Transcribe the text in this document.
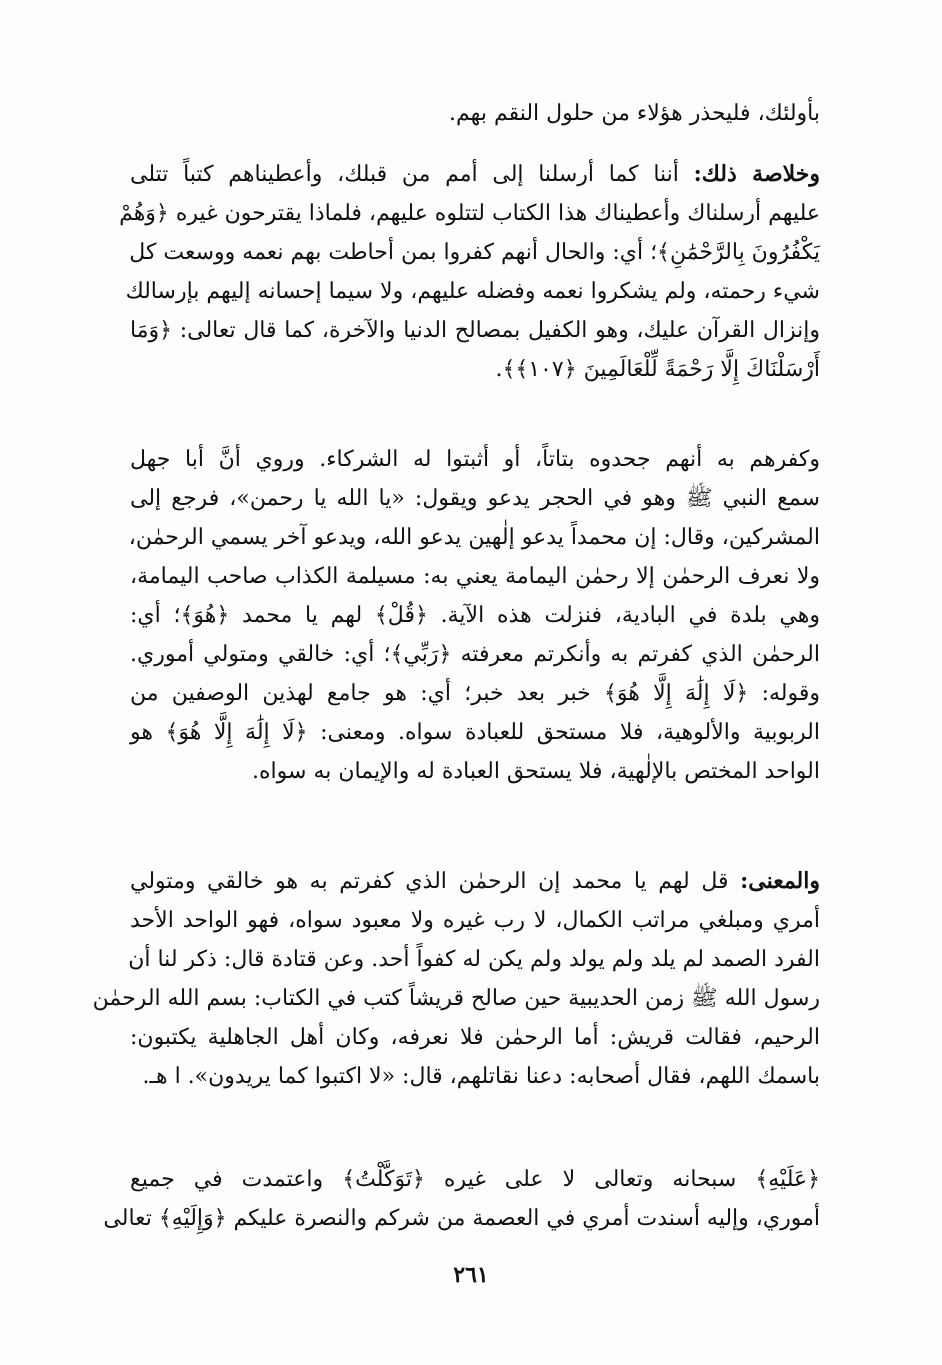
بأولئك، فليحذر هؤلاء من حلول النقم بهم.
وخلاصة ذلك: أننا كما أرسلنا إلى أمم من قبلك، وأعطيناهم كتباً تتلى
عليهم أرسلناك وأعطيناك هذا الكتاب لتتلوه عليهم، فلماذا يقترحون غيره ﴿وَهُمْ
يَكْفُرُونَ بِالرَّحْمَٰنِ﴾؛ أي: والحال أنهم كفروا بمن أحاطت بهم نعمه ووسعت كل
شيء رحمته، ولم يشكروا نعمه وفضله عليهم، ولا سيما إحسانه إليهم بإرسالك
وإنزال القرآن عليك، وهو الكفيل بمصالح الدنيا والآخرة، كما قال تعالى: ﴿وَمَا
أَرْسَلْنَاكَ إِلَّا رَحْمَةً لِّلْعَالَمِينَ ﴿١٠٧﴾﴾.
وكفرهم به أنهم جحدوه بتاتاً، أو أثبتوا له الشركاء. وروي أنَّ أبا جهل
سمع النبي ﷺ وهو في الحجر يدعو ويقول: «يا الله يا رحمن»، فرجع إلى
المشركين، وقال: إن محمداً يدعو إلٰهين يدعو الله، ويدعو آخر يسمي الرحمٰن،
ولا نعرف الرحمٰن إلا رحمٰن اليمامة يعني به: مسيلمة الكذاب صاحب اليمامة،
وهي بلدة في البادية، فنزلت هذه الآية. ﴿قُلْ﴾ لهم يا محمد ﴿هُوَ﴾؛ أي:
الرحمٰن الذي كفرتم به وأنكرتم معرفته ﴿رَبِّي﴾؛ أي: خالقي ومتولي أموري.
وقوله: ﴿لَا إِلَٰهَ إِلَّا هُوَ﴾ خبر بعد خبر؛ أي: هو جامع لهذين الوصفين من
الربوبية والألوهية، فلا مستحق للعبادة سواه. ومعنى: ﴿لَا إِلَٰهَ إِلَّا هُوَ﴾ هو
الواحد المختص بالإلٰهية، فلا يستحق العبادة له والإيمان به سواه.
والمعنى: قل لهم يا محمد إن الرحمٰن الذي كفرتم به هو خالقي ومتولي
أمري ومبلغي مراتب الكمال، لا رب غيره ولا معبود سواه، فهو الواحد الأحد
الفرد الصمد لم يلد ولم يولد ولم يكن له كفواً أحد. وعن قتادة قال: ذكر لنا أن
رسول الله ﷺ زمن الحديبية حين صالح قريشاً كتب في الكتاب: بسم الله الرحمٰن
الرحيم، فقالت قريش: أما الرحمٰن فلا نعرفه، وكان أهل الجاهلية يكتبون:
باسمك اللهم، فقال أصحابه: دعنا نقاتلهم، قال: «لا اكتبوا كما يريدون». ا هـ.
﴿عَلَيْهِ﴾ سبحانه وتعالى لا على غيره ﴿تَوَكَّلْتُ﴾ واعتمدت في جميع
أموري، وإليه أسندت أمري في العصمة من شركم والنصرة عليكم ﴿وَإِلَيْهِ﴾ تعالى
٢٦١
